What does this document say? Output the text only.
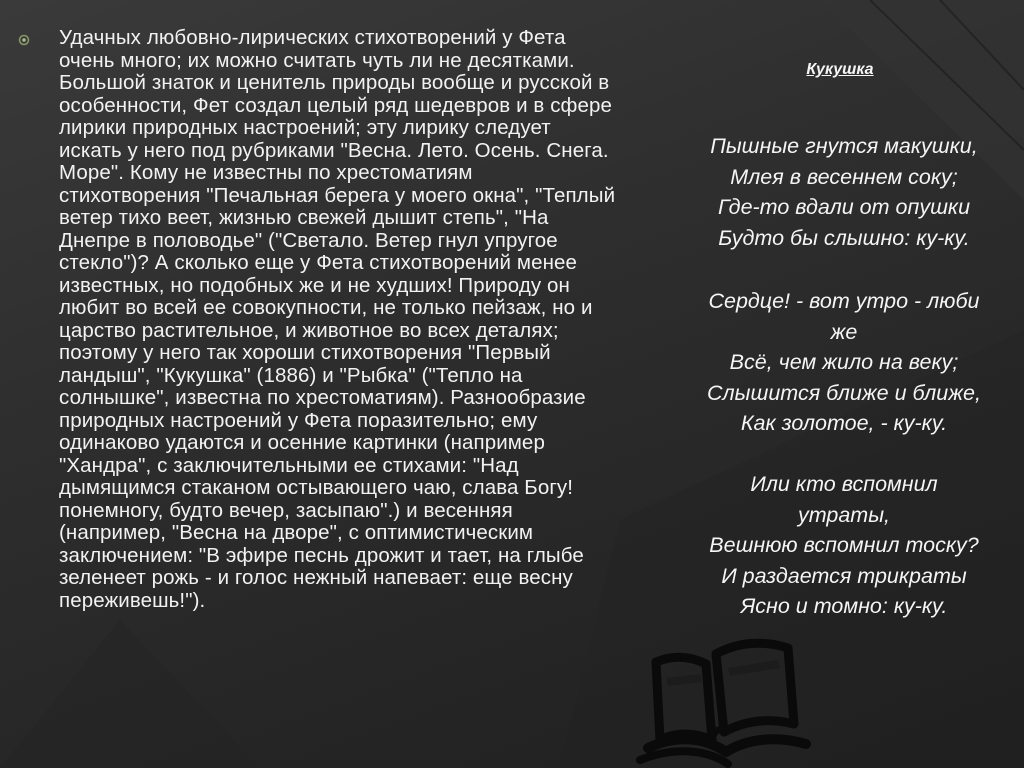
Удачных любовно-лирических стихотворений у Фета очень много; их можно считать чуть ли не десятками. Большой знаток и ценитель природы вообще и русской в особенности, Фет создал целый ряд шедевров и в сфере лирики природных настроений; эту лирику следует искать у него под рубриками "Весна. Лето. Осень. Снега. Море". Кому не известны по хрестоматиям стихотворения "Печальная берега у моего окна", "Теплый ветер тихо веет, жизнью свежей дышит степь", "На Днепре в половодье" ("Светало. Ветер гнул упругое стекло")? А сколько еще у Фета стихотворений менее известных, но подобных же и не худших! Природу он любит во всей ее совокупности, не только пейзаж, но и царство растительное, и животное во всех деталях; поэтому у него так хороши стихотворения "Первый ландыш", "Кукушка" (1886) и "Рыбка" ("Тепло на солнышке", известна по хрестоматиям). Разнообразие природных настроений у Фета поразительно; ему одинаково удаются и осенние картинки (например "Хандра", с заключительными ее стихами: "Над дымящимся стаканом остывающего чаю, слава Богу! понемногу, будто вечер, засыпаю".) и весенняя (например, "Весна на дворе", с оптимистическим заключением: "В эфире песнь дрожит и тает, на глыбе зеленеет рожь - и голос нежный напевает: еще весну переживешь!").

Кукушка
Пышные гнутся макушки,
Млея в весеннем соку;
Где-то вдали от опушки
Будто бы слышно: ку-ку.
Сердце! - вот утро - люби
же
Всё, чем жило на веку;
Слышится ближе и ближе,
Как золотое, - ку-ку.
Или кто вспомнил
утраты,
Вешнюю вспомнил тоску?
И раздается трикраты
Ясно и томно: ку-ку.
